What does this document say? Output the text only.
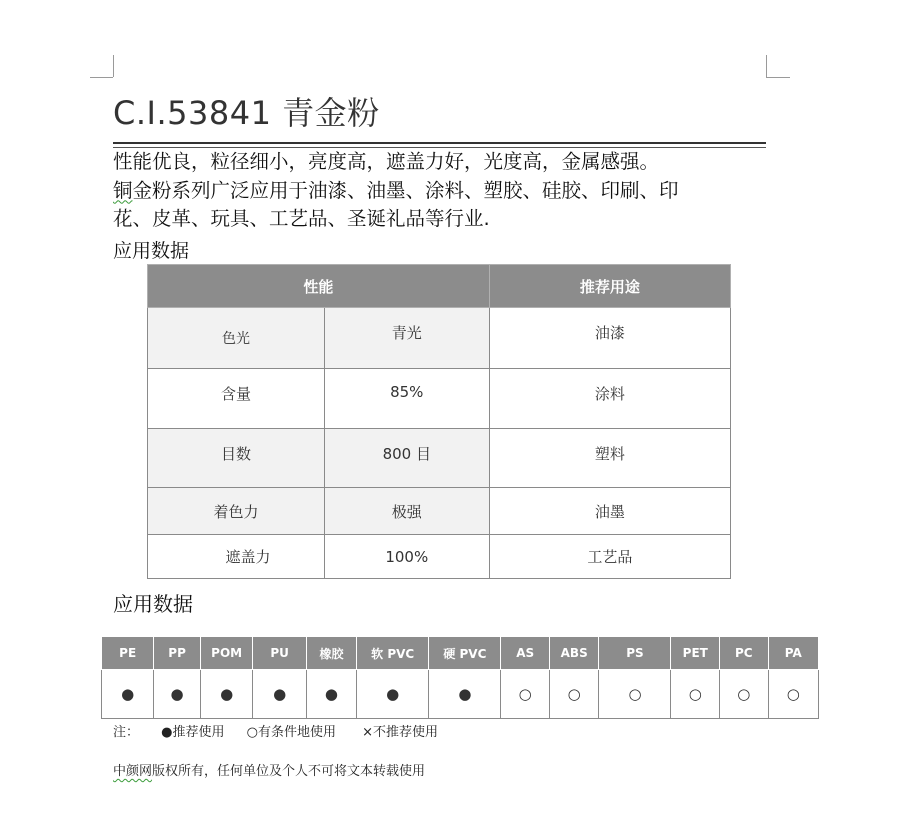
C.I.53841 青金粉

性能优良，粒径细小，亮度高，遮盖力好，光度高，金属感强。

铜金粉系列广泛应用于油漆、油墨、涂料、塑胶、硅胶、印刷、印

花、皮革、玩具、工艺品、圣诞礼品等行业.

应用数据
性能		推荐用途
色光	青光	油漆
含量	85%	涂料
目数	800 目	塑料
着色力	极强	油墨
遮盖力	100%	工艺品
应用数据
PE	PP	POM	PU	橡胶	软 PVC	硬 PVC	AS	ABS	PS	PET	PC	PA
●	●	●	●	●	●	●	○	○	○	○	○	○
注： ●推荐使用 ○有条件地使用 ×不推荐使用
中颜网版权所有，任何单位及个人不可将文本转载使用
